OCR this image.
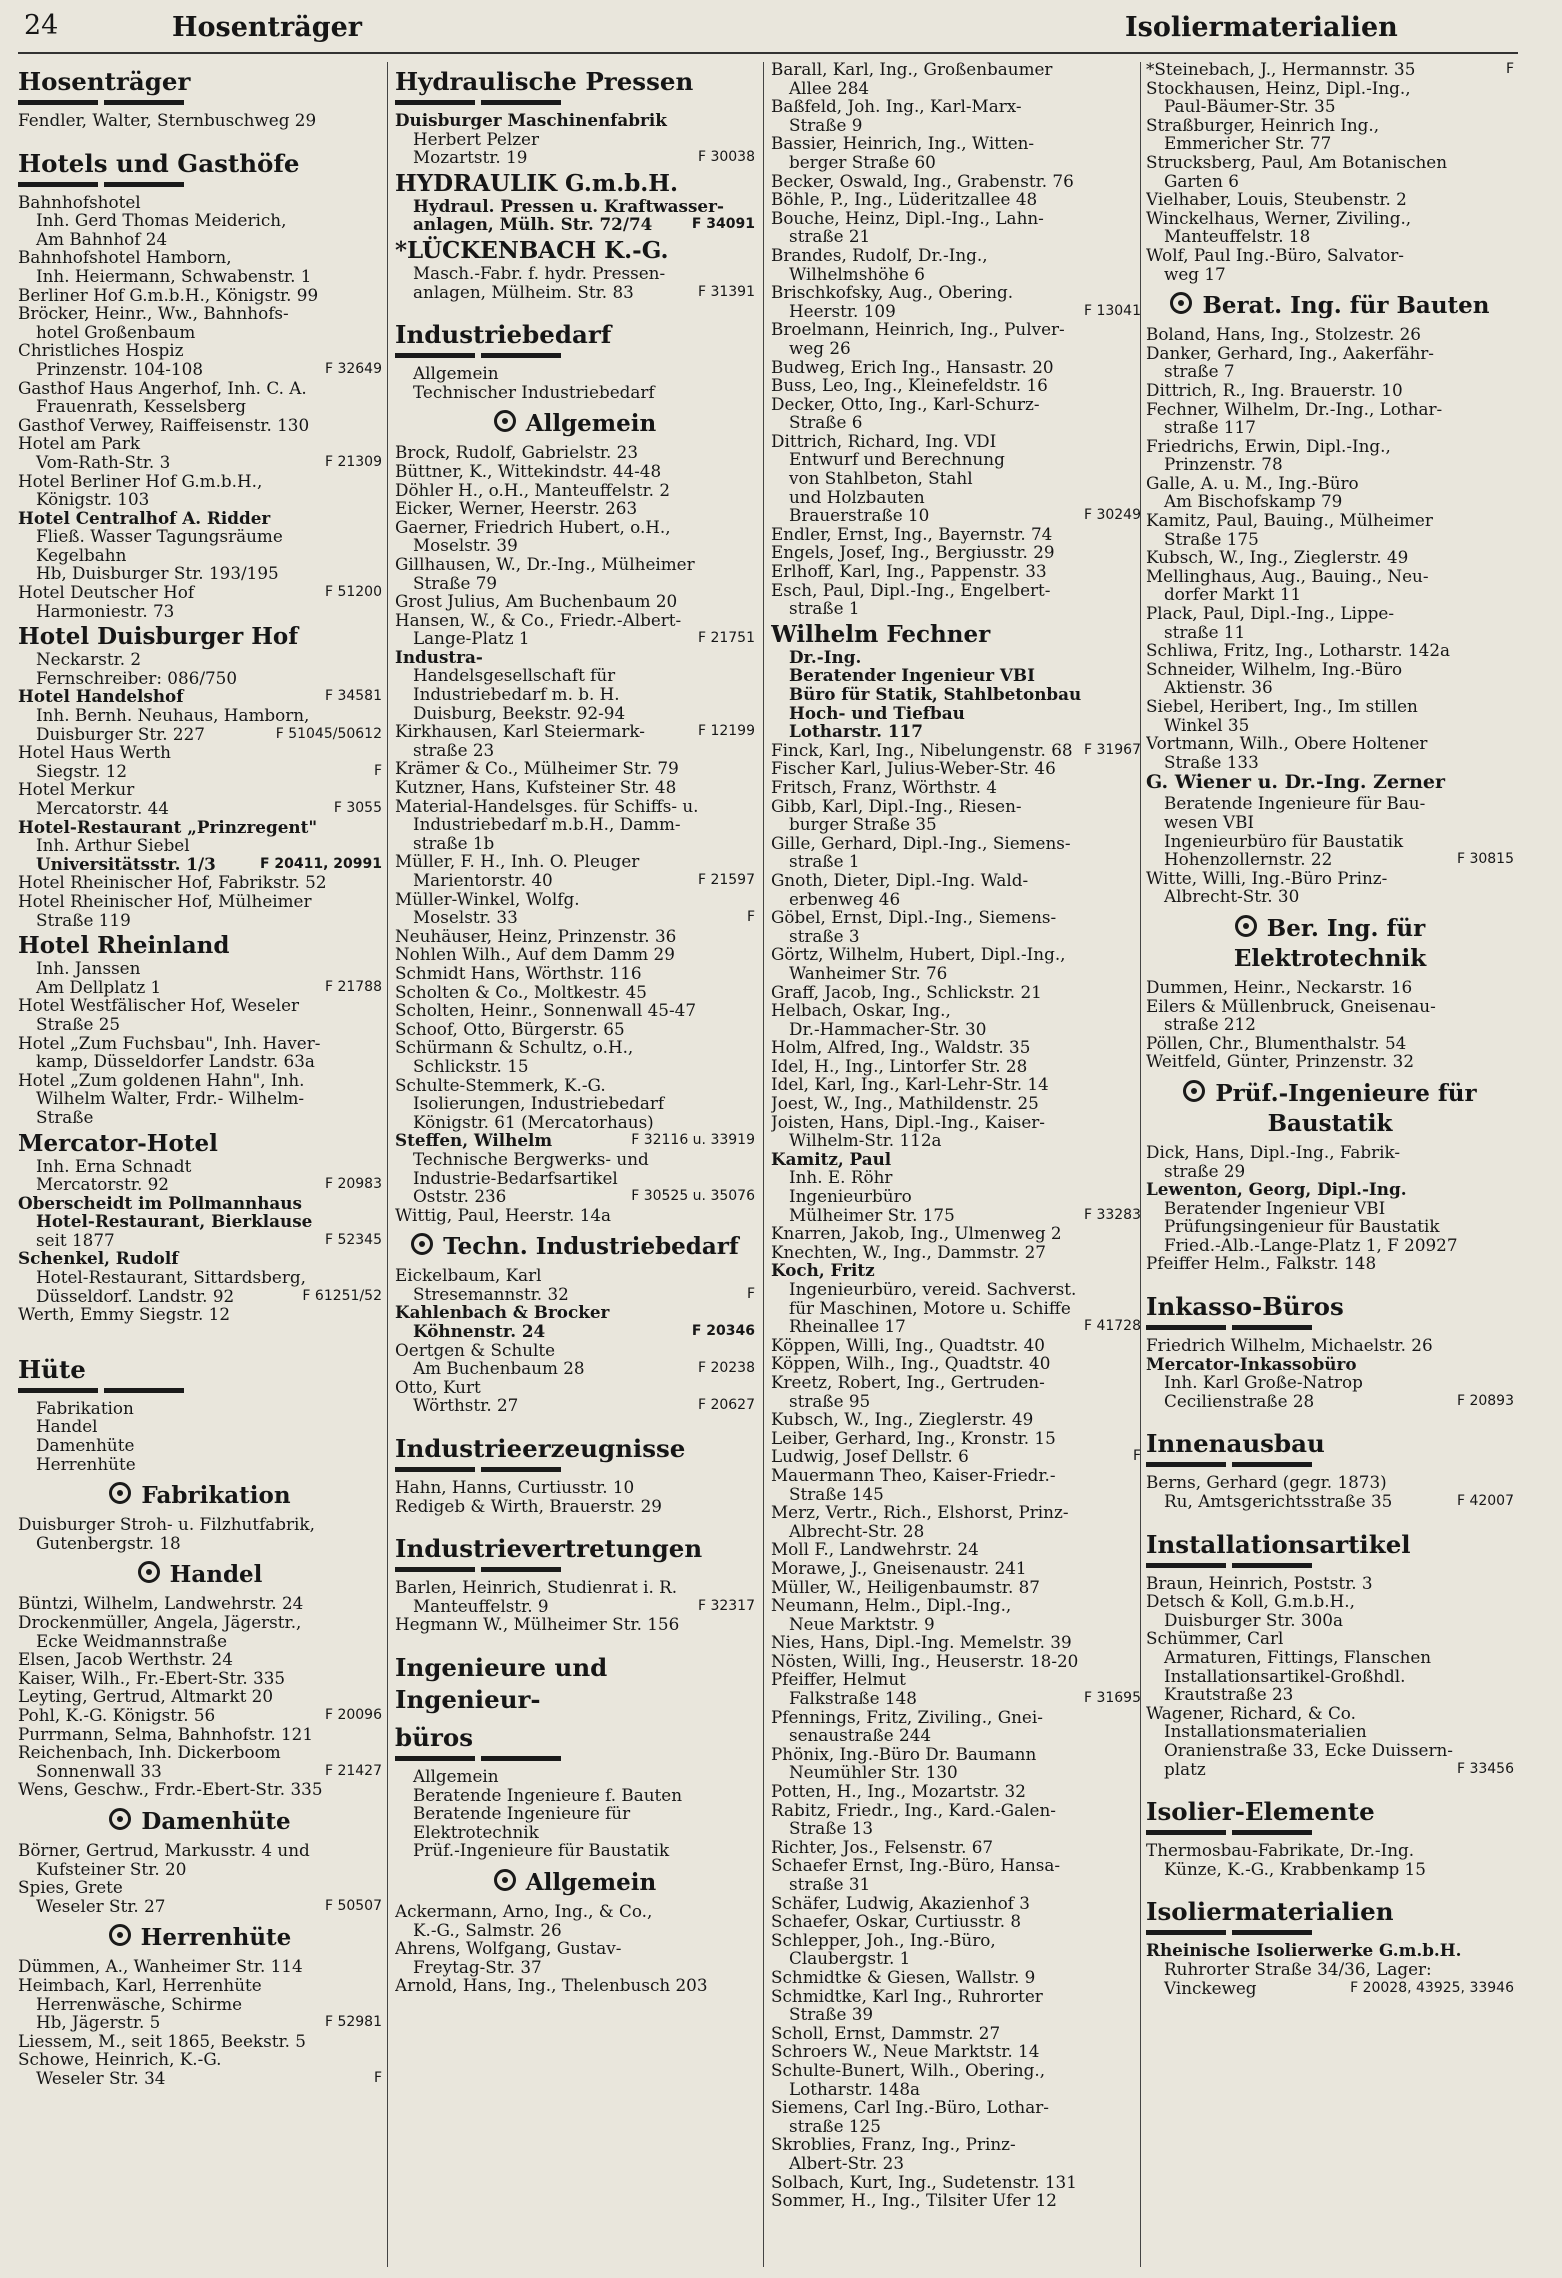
24	Hosenträger	Isoliermaterialien
Hosenträger
Fendler, Walter, Sternbuschweg 29
Hotels und Gasthöfe
Bahnhofshotel
Inh. Gerd Thomas Meiderich,
Am Bahnhof 24
Bahnhofshotel Hamborn,
Inh. Heiermann, Schwabenstr. 1
Berliner Hof G.m.b.H., Königstr. 99
Bröcker, Heinr., Ww., Bahnhofs-
hotel Großenbaum
Christliches Hospiz
F 32649
Prinzenstr. 104-108
Gasthof Haus Angerhof, Inh. C. A.
Frauenrath, Kesselsberg
Gasthof Verwey, Raiffeisenstr. 130
Hotel am Park
F 21309
Vom-Rath-Str. 3
Hotel Berliner Hof G.m.b.H.,
Königstr. 103
Hotel Centralhof A. Ridder
Fließ. Wasser Tagungsräume
Kegelbahn
Hb, Duisburger Str. 193/195
F 51200
Hotel Deutscher Hof
Harmoniestr. 73
Hotel Duisburger Hof
Neckarstr. 2
Fernschreiber: 086/750
F 34581
Hotel Handelshof
Inh. Bernh. Neuhaus, Hamborn,
F 51045/50612
Duisburger Str. 227
Hotel Haus Werth
F
Siegstr. 12
Hotel Merkur
F 3055
Mercatorstr. 44
Hotel-Restaurant „Prinzregent"
Inh. Arthur Siebel
F 20411, 20991
Universitätsstr. 1/3
Hotel Rheinischer Hof, Fabrikstr. 52
Hotel Rheinischer Hof, Mülheimer
Straße 119
Hotel Rheinland
Inh. Janssen
F 21788
Am Dellplatz 1
Hotel Westfälischer Hof, Weseler
Straße 25
Hotel „Zum Fuchsbau", Inh. Haver-
kamp, Düsseldorfer Landstr. 63a
Hotel „Zum goldenen Hahn", Inh.
Wilhelm Walter, Frdr.- Wilhelm-
Straße
Mercator-Hotel
Inh. Erna Schnadt
F 20983
Mercatorstr. 92
Oberscheidt im Pollmannhaus
Hotel-Restaurant, Bierklause
F 52345
seit 1877
Schenkel, Rudolf
Hotel-Restaurant, Sittardsberg,
F 61251/52
Düsseldorf. Landstr. 92
Werth, Emmy Siegstr. 12
Hüte
Fabrikation
Handel
Damenhüte
Herrenhüte
Fabrikation
Duisburger Stroh- u. Filzhutfabrik,
Gutenbergstr. 18
Handel
Büntzi, Wilhelm, Landwehrstr. 24
Drockenmüller, Angela, Jägerstr.,
Ecke Weidmannstraße
Elsen, Jacob Werthstr. 24
Kaiser, Wilh., Fr.-Ebert-Str. 335
Leyting, Gertrud, Altmarkt 20
F 20096
Pohl, K.-G. Königstr. 56
Purrmann, Selma, Bahnhofstr. 121
Reichenbach, Inh. Dickerboom
F 21427
Sonnenwall 33
Wens, Geschw., Frdr.-Ebert-Str. 335
Damenhüte
Börner, Gertrud, Markusstr. 4 und
Kufsteiner Str. 20
Spies, Grete
F 50507
Weseler Str. 27
Herrenhüte
Dümmen, A., Wanheimer Str. 114
Heimbach, Karl, Herrenhüte
Herrenwäsche, Schirme
F 52981
Hb, Jägerstr. 5
Liessem, M., seit 1865, Beekstr. 5
Schowe, Heinrich, K.-G.
F
Weseler Str. 34
Hydraulische Pressen
Duisburger Maschinenfabrik
Herbert Pelzer
F 30038
Mozartstr. 19
HYDRAULIK G.m.b.H.
Hydraul. Pressen u. Kraftwasser-
F 34091
anlagen, Mülh. Str. 72/74
*LÜCKENBACH K.-G.
Masch.-Fabr. f. hydr. Pressen-
F 31391
anlagen, Mülheim. Str. 83
Industriebedarf
Allgemein
Technischer Industriebedarf
Allgemein
Brock, Rudolf, Gabrielstr. 23
Büttner, K., Wittekindstr. 44-48
Döhler H., o.H., Manteuffelstr. 2
Eicker, Werner, Heerstr. 263
Gaerner, Friedrich Hubert, o.H.,
Moselstr. 39
Gillhausen, W., Dr.-Ing., Mülheimer
Straße 79
Grost Julius, Am Buchenbaum 20
Hansen, W., & Co., Friedr.-Albert-
F 21751
Lange-Platz 1
Industra-
Handelsgesellschaft für
Industriebedarf m. b. H.
Duisburg, Beekstr. 92-94
F 12199
Kirkhausen, Karl Steiermark-
straße 23
Krämer & Co., Mülheimer Str. 79
Kutzner, Hans, Kufsteiner Str. 48
Material-Handelsges. für Schiffs- u.
Industriebedarf m.b.H., Damm-
straße 1b
Müller, F. H., Inh. O. Pleuger
F 21597
Marientorstr. 40
Müller-Winkel, Wolfg.
F
Moselstr. 33
Neuhäuser, Heinz, Prinzenstr. 36
Nohlen Wilh., Auf dem Damm 29
Schmidt Hans, Wörthstr. 116
Scholten & Co., Moltkestr. 45
Scholten, Heinr., Sonnenwall 45-47
Schoof, Otto, Bürgerstr. 65
Schürmann & Schultz, o.H.,
Schlickstr. 15
Schulte-Stemmerk, K.-G.
Isolierungen, Industriebedarf
Königstr. 61 (Mercatorhaus)
F 32116 u. 33919
Steffen, Wilhelm
Technische Bergwerks- und
Industrie-Bedarfsartikel
F 30525 u. 35076
Oststr. 236
Wittig, Paul, Heerstr. 14a
Techn. Industriebedarf
Eickelbaum, Karl
F
Stresemannstr. 32
Kahlenbach & Brocker
F 20346
Köhnenstr. 24
Oertgen & Schulte
F 20238
Am Buchenbaum 28
Otto, Kurt
F 20627
Wörthstr. 27
Industrieerzeugnisse
Hahn, Hanns, Curtiusstr. 10
Redigeb & Wirth, Brauerstr. 29
Industrievertretungen
Barlen, Heinrich, Studienrat i. R.
F 32317
Manteuffelstr. 9
Hegmann W., Mülheimer Str. 156
Ingenieure und Ingenieur-
büros
Allgemein
Beratende Ingenieure f. Bauten
Beratende Ingenieure für
Elektrotechnik
Prüf.-Ingenieure für Baustatik
Allgemein
Ackermann, Arno, Ing., & Co.,
K.-G., Salmstr. 26
Ahrens, Wolfgang, Gustav-
Freytag-Str. 37
Arnold, Hans, Ing., Thelenbusch 203
Barall, Karl, Ing., Großenbaumer
Allee 284
Baßfeld, Joh. Ing., Karl-Marx-
Straße 9
Bassier, Heinrich, Ing., Witten-
berger Straße 60
Becker, Oswald, Ing., Grabenstr. 76
Böhle, P., Ing., Lüderitzallee 48
Bouche, Heinz, Dipl.-Ing., Lahn-
straße 21
Brandes, Rudolf, Dr.-Ing.,
Wilhelmshöhe 6
Brischkofsky, Aug., Obering.
F 13041
Heerstr. 109
Broelmann, Heinrich, Ing., Pulver-
weg 26
Budweg, Erich Ing., Hansastr. 20
Buss, Leo, Ing., Kleinefeldstr. 16
Decker, Otto, Ing., Karl-Schurz-
Straße 6
Dittrich, Richard, Ing. VDI
Entwurf und Berechnung
von Stahlbeton, Stahl
und Holzbauten
F 30249
Brauerstraße 10
Endler, Ernst, Ing., Bayernstr. 74
Engels, Josef, Ing., Bergiusstr. 29
Erlhoff, Karl, Ing., Pappenstr. 33
Esch, Paul, Dipl.-Ing., Engelbert-
straße 1
Wilhelm Fechner
Dr.-Ing.
Beratender Ingenieur VBI
Büro für Statik, Stahlbetonbau
Hoch- und Tiefbau
Lotharstr. 117
F 31967
Finck, Karl, Ing., Nibelungenstr. 68
Fischer Karl, Julius-Weber-Str. 46
Fritsch, Franz, Wörthstr. 4
Gibb, Karl, Dipl.-Ing., Riesen-
burger Straße 35
Gille, Gerhard, Dipl.-Ing., Siemens-
straße 1
Gnoth, Dieter, Dipl.-Ing. Wald-
erbenweg 46
Göbel, Ernst, Dipl.-Ing., Siemens-
straße 3
Görtz, Wilhelm, Hubert, Dipl.-Ing.,
Wanheimer Str. 76
Graff, Jacob, Ing., Schlickstr. 21
Helbach, Oskar, Ing.,
Dr.-Hammacher-Str. 30
Holm, Alfred, Ing., Waldstr. 35
Idel, H., Ing., Lintorfer Str. 28
Idel, Karl, Ing., Karl-Lehr-Str. 14
Joest, W., Ing., Mathildenstr. 25
Joisten, Hans, Dipl.-Ing., Kaiser-
Wilhelm-Str. 112a
Kamitz, Paul
Inh. E. Röhr
Ingenieurbüro
F 33283
Mülheimer Str. 175
Knarren, Jakob, Ing., Ulmenweg 2
Knechten, W., Ing., Dammstr. 27
Koch, Fritz
Ingenieurbüro, vereid. Sachverst.
für Maschinen, Motore u. Schiffe
F 41728
Rheinallee 17
Köppen, Willi, Ing., Quadtstr. 40
Köppen, Wilh., Ing., Quadtstr. 40
Kreetz, Robert, Ing., Gertruden-
straße 95
Kubsch, W., Ing., Zieglerstr. 49
Leiber, Gerhard, Ing., Kronstr. 15
F
Ludwig, Josef Dellstr. 6
Mauermann Theo, Kaiser-Friedr.-
Straße 145
Merz, Vertr., Rich., Elshorst, Prinz-
Albrecht-Str. 28
Moll F., Landwehrstr. 24
Morawe, J., Gneisenaustr. 241
Müller, W., Heiligenbaumstr. 87
Neumann, Helm., Dipl.-Ing.,
Neue Marktstr. 9
Nies, Hans, Dipl.-Ing. Memelstr. 39
Nösten, Willi, Ing., Heuserstr. 18-20
Pfeiffer, Helmut
F 31695
Falkstraße 148
Pfennings, Fritz, Ziviling., Gnei-
senaustraße 244
Phönix, Ing.-Büro Dr. Baumann
Neumühler Str. 130
Potten, H., Ing., Mozartstr. 32
Rabitz, Friedr., Ing., Kard.-Galen-
Straße 13
Richter, Jos., Felsenstr. 67
Schaefer Ernst, Ing.-Büro, Hansa-
straße 31
Schäfer, Ludwig, Akazienhof 3
Schaefer, Oskar, Curtiusstr. 8
Schlepper, Joh., Ing.-Büro,
Claubergstr. 1
Schmidtke & Giesen, Wallstr. 9
Schmidtke, Karl Ing., Ruhrorter
Straße 39
Scholl, Ernst, Dammstr. 27
Schroers W., Neue Marktstr. 14
Schulte-Bunert, Wilh., Obering.,
Lotharstr. 148a
Siemens, Carl Ing.-Büro, Lothar-
straße 125
Skroblies, Franz, Ing., Prinz-
Albert-Str. 23
Solbach, Kurt, Ing., Sudetenstr. 131
Sommer, H., Ing., Tilsiter Ufer 12
F
*Steinebach, J., Hermannstr. 35
Stockhausen, Heinz, Dipl.-Ing.,
Paul-Bäumer-Str. 35
Straßburger, Heinrich Ing.,
Emmericher Str. 77
Strucksberg, Paul, Am Botanischen
Garten 6
Vielhaber, Louis, Steubenstr. 2
Winckelhaus, Werner, Ziviling.,
Manteuffelstr. 18
Wolf, Paul Ing.-Büro, Salvator-
weg 17
Berat. Ing. für Bauten
Boland, Hans, Ing., Stolzestr. 26
Danker, Gerhard, Ing., Aakerfähr-
straße 7
Dittrich, R., Ing. Brauerstr. 10
Fechner, Wilhelm, Dr.-Ing., Lothar-
straße 117
Friedrichs, Erwin, Dipl.-Ing.,
Prinzenstr. 78
Galle, A. u. M., Ing.-Büro
Am Bischofskamp 79
Kamitz, Paul, Bauing., Mülheimer
Straße 175
Kubsch, W., Ing., Zieglerstr. 49
Mellinghaus, Aug., Bauing., Neu-
dorfer Markt 11
Plack, Paul, Dipl.-Ing., Lippe-
straße 11
Schliwa, Fritz, Ing., Lotharstr. 142a
Schneider, Wilhelm, Ing.-Büro
Aktienstr. 36
Siebel, Heribert, Ing., Im stillen
Winkel 35
Vortmann, Wilh., Obere Holtener
Straße 133
G. Wiener u. Dr.-Ing. Zerner
Beratende Ingenieure für Bau-
wesen VBI
Ingenieurbüro für Baustatik
F 30815
Hohenzollernstr. 22
Witte, Willi, Ing.-Büro Prinz-
Albrecht-Str. 30
Ber. Ing. für
Elektrotechnik
Dummen, Heinr., Neckarstr. 16
Eilers & Müllenbruck, Gneisenau-
straße 212
Pöllen, Chr., Blumenthalstr. 54
Weitfeld, Günter, Prinzenstr. 32
Prüf.-Ingenieure für
Baustatik
Dick, Hans, Dipl.-Ing., Fabrik-
straße 29
Lewenton, Georg, Dipl.-Ing.
Beratender Ingenieur VBI
Prüfungsingenieur für Baustatik
Fried.-Alb.-Lange-Platz 1, F 20927
Pfeiffer Helm., Falkstr. 148
Inkasso-Büros
Friedrich Wilhelm, Michaelstr. 26
Mercator-Inkassobüro
Inh. Karl Große-Natrop
F 20893
Cecilienstraße 28
Innenausbau
Berns, Gerhard (gegr. 1873)
F 42007
Ru, Amtsgerichtsstraße 35
Installationsartikel
Braun, Heinrich, Poststr. 3
Detsch & Koll, G.m.b.H.,
Duisburger Str. 300a
Schümmer, Carl
Armaturen, Fittings, Flanschen
Installationsartikel-Großhdl.
Krautstraße 23
Wagener, Richard, & Co.
Installationsmaterialien
Oranienstraße 33, Ecke Duissern-
F 33456
platz
Isolier-Elemente
Thermosbau-Fabrikate, Dr.-Ing.
Künze, K.-G., Krabbenkamp 15
Isoliermaterialien
Rheinische Isolierwerke G.m.b.H.
Ruhrorter Straße 34/36, Lager:
F 20028, 43925, 33946
Vinckeweg
